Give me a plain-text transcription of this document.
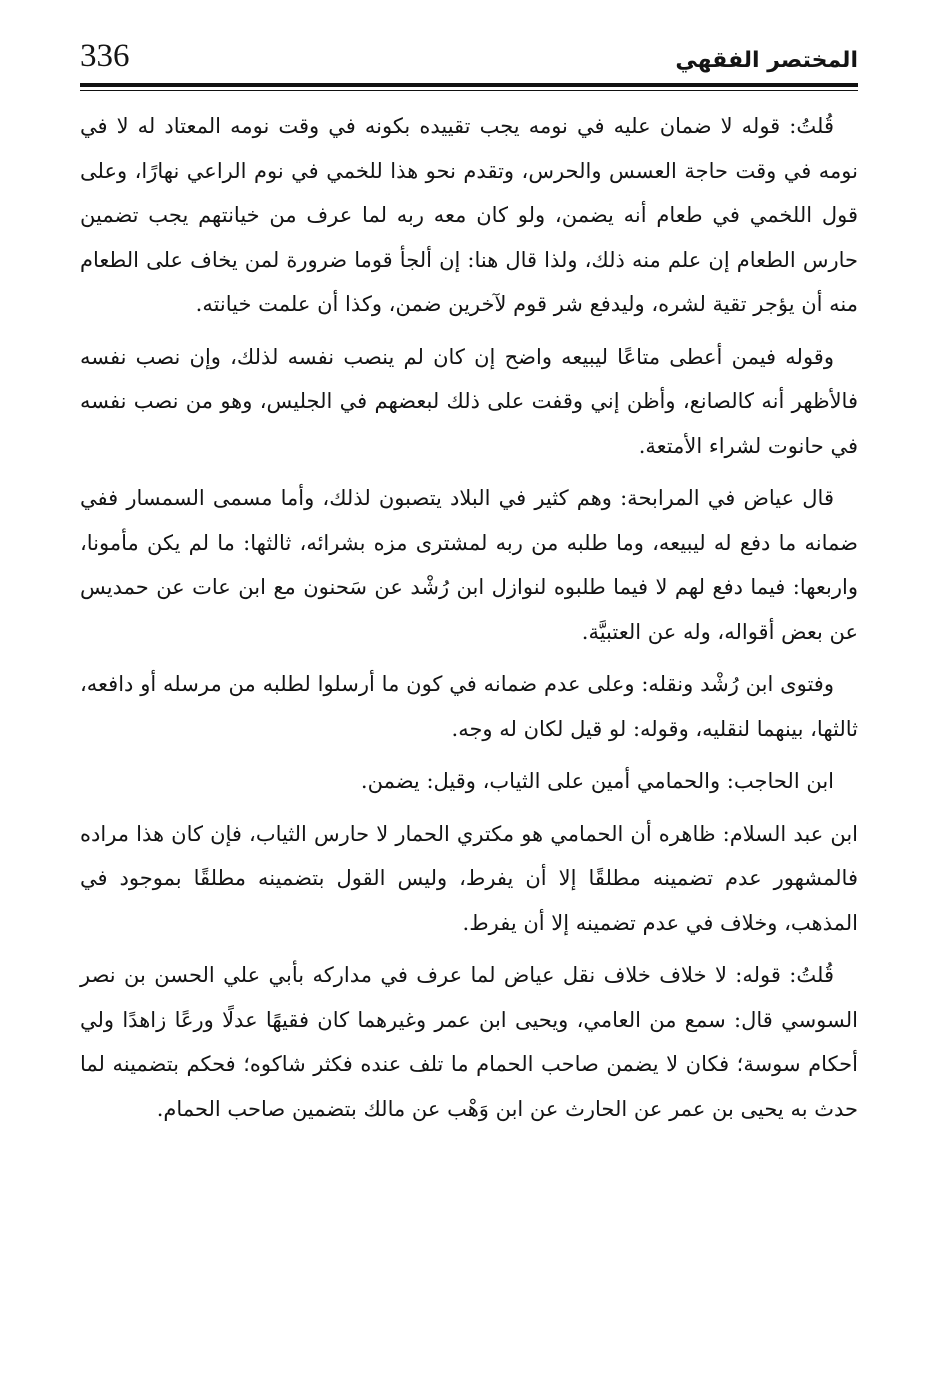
336	المختصر الفقهي

قُلتُ: قوله لا ضمان عليه في نومه يجب تقييده بكونه في وقت نومه المعتاد له لا في نومه في وقت حاجة العسس والحرس، وتقدم نحو هذا للخمي في نوم الراعي نهارًا، وعلى قول اللخمي في طعام أنه يضمن، ولو كان معه ربه لما عرف من خيانتهم يجب تضمين حارس الطعام إن علم منه ذلك، ولذا قال هنا: إن ألجأ قوما ضرورة لمن يخاف على الطعام منه أن يؤجر تقية لشره، وليدفع شر قوم لآخرين ضمن، وكذا أن علمت خيانته.

وقوله فيمن أعطى متاعًا ليبيعه واضح إن كان لم ينصب نفسه لذلك، وإن نصب نفسه فالأظهر أنه كالصانع، وأظن إني وقفت على ذلك لبعضهم في الجليس، وهو من نصب نفسه في حانوت لشراء الأمتعة.

قال عياض في المرابحة: وهم كثير في البلاد يتصبون لذلك، وأما مسمى السمسار ففي ضمانه ما دفع له ليبيعه، وما طلبه من ربه لمشترى مزه بشرائه، ثالثها: ما لم يكن مأمونا، واربعها: فيما دفع لهم لا فيما طلبوه لنوازل ابن رُشْد عن سَحنون مع ابن عات عن حمديس عن بعض أقواله، وله عن العتبيَّة.

وفتوى ابن رُشْد ونقله: وعلى عدم ضمانه في كون ما أرسلوا لطلبه من مرسله أو دافعه، ثالثها، بينهما لنقليه، وقوله: لو قيل لكان له وجه.

ابن الحاجب: والحمامي أمين على الثياب، وقيل: يضمن.

ابن عبد السلام: ظاهره أن الحمامي هو مكتري الحمار لا حارس الثياب، فإن كان هذا مراده فالمشهور عدم تضمينه مطلقًا إلا أن يفرط، وليس القول بتضمينه مطلقًا بموجود في المذهب، وخلاف في عدم تضمينه إلا أن يفرط.

قُلتُ: قوله: لا خلاف خلاف نقل عياض لما عرف في مداركه بأبي علي الحسن بن نصر السوسي قال: سمع من العامي، ويحيى ابن عمر وغيرهما كان فقيهًا عدلًا ورعًا زاهدًا ولي أحكام سوسة؛ فكان لا يضمن صاحب الحمام ما تلف عنده فكثر شاكوه؛ فحكم بتضمينه لما حدث به يحيى بن عمر عن الحارث عن ابن وَهْب عن مالك بتضمين صاحب الحمام.
